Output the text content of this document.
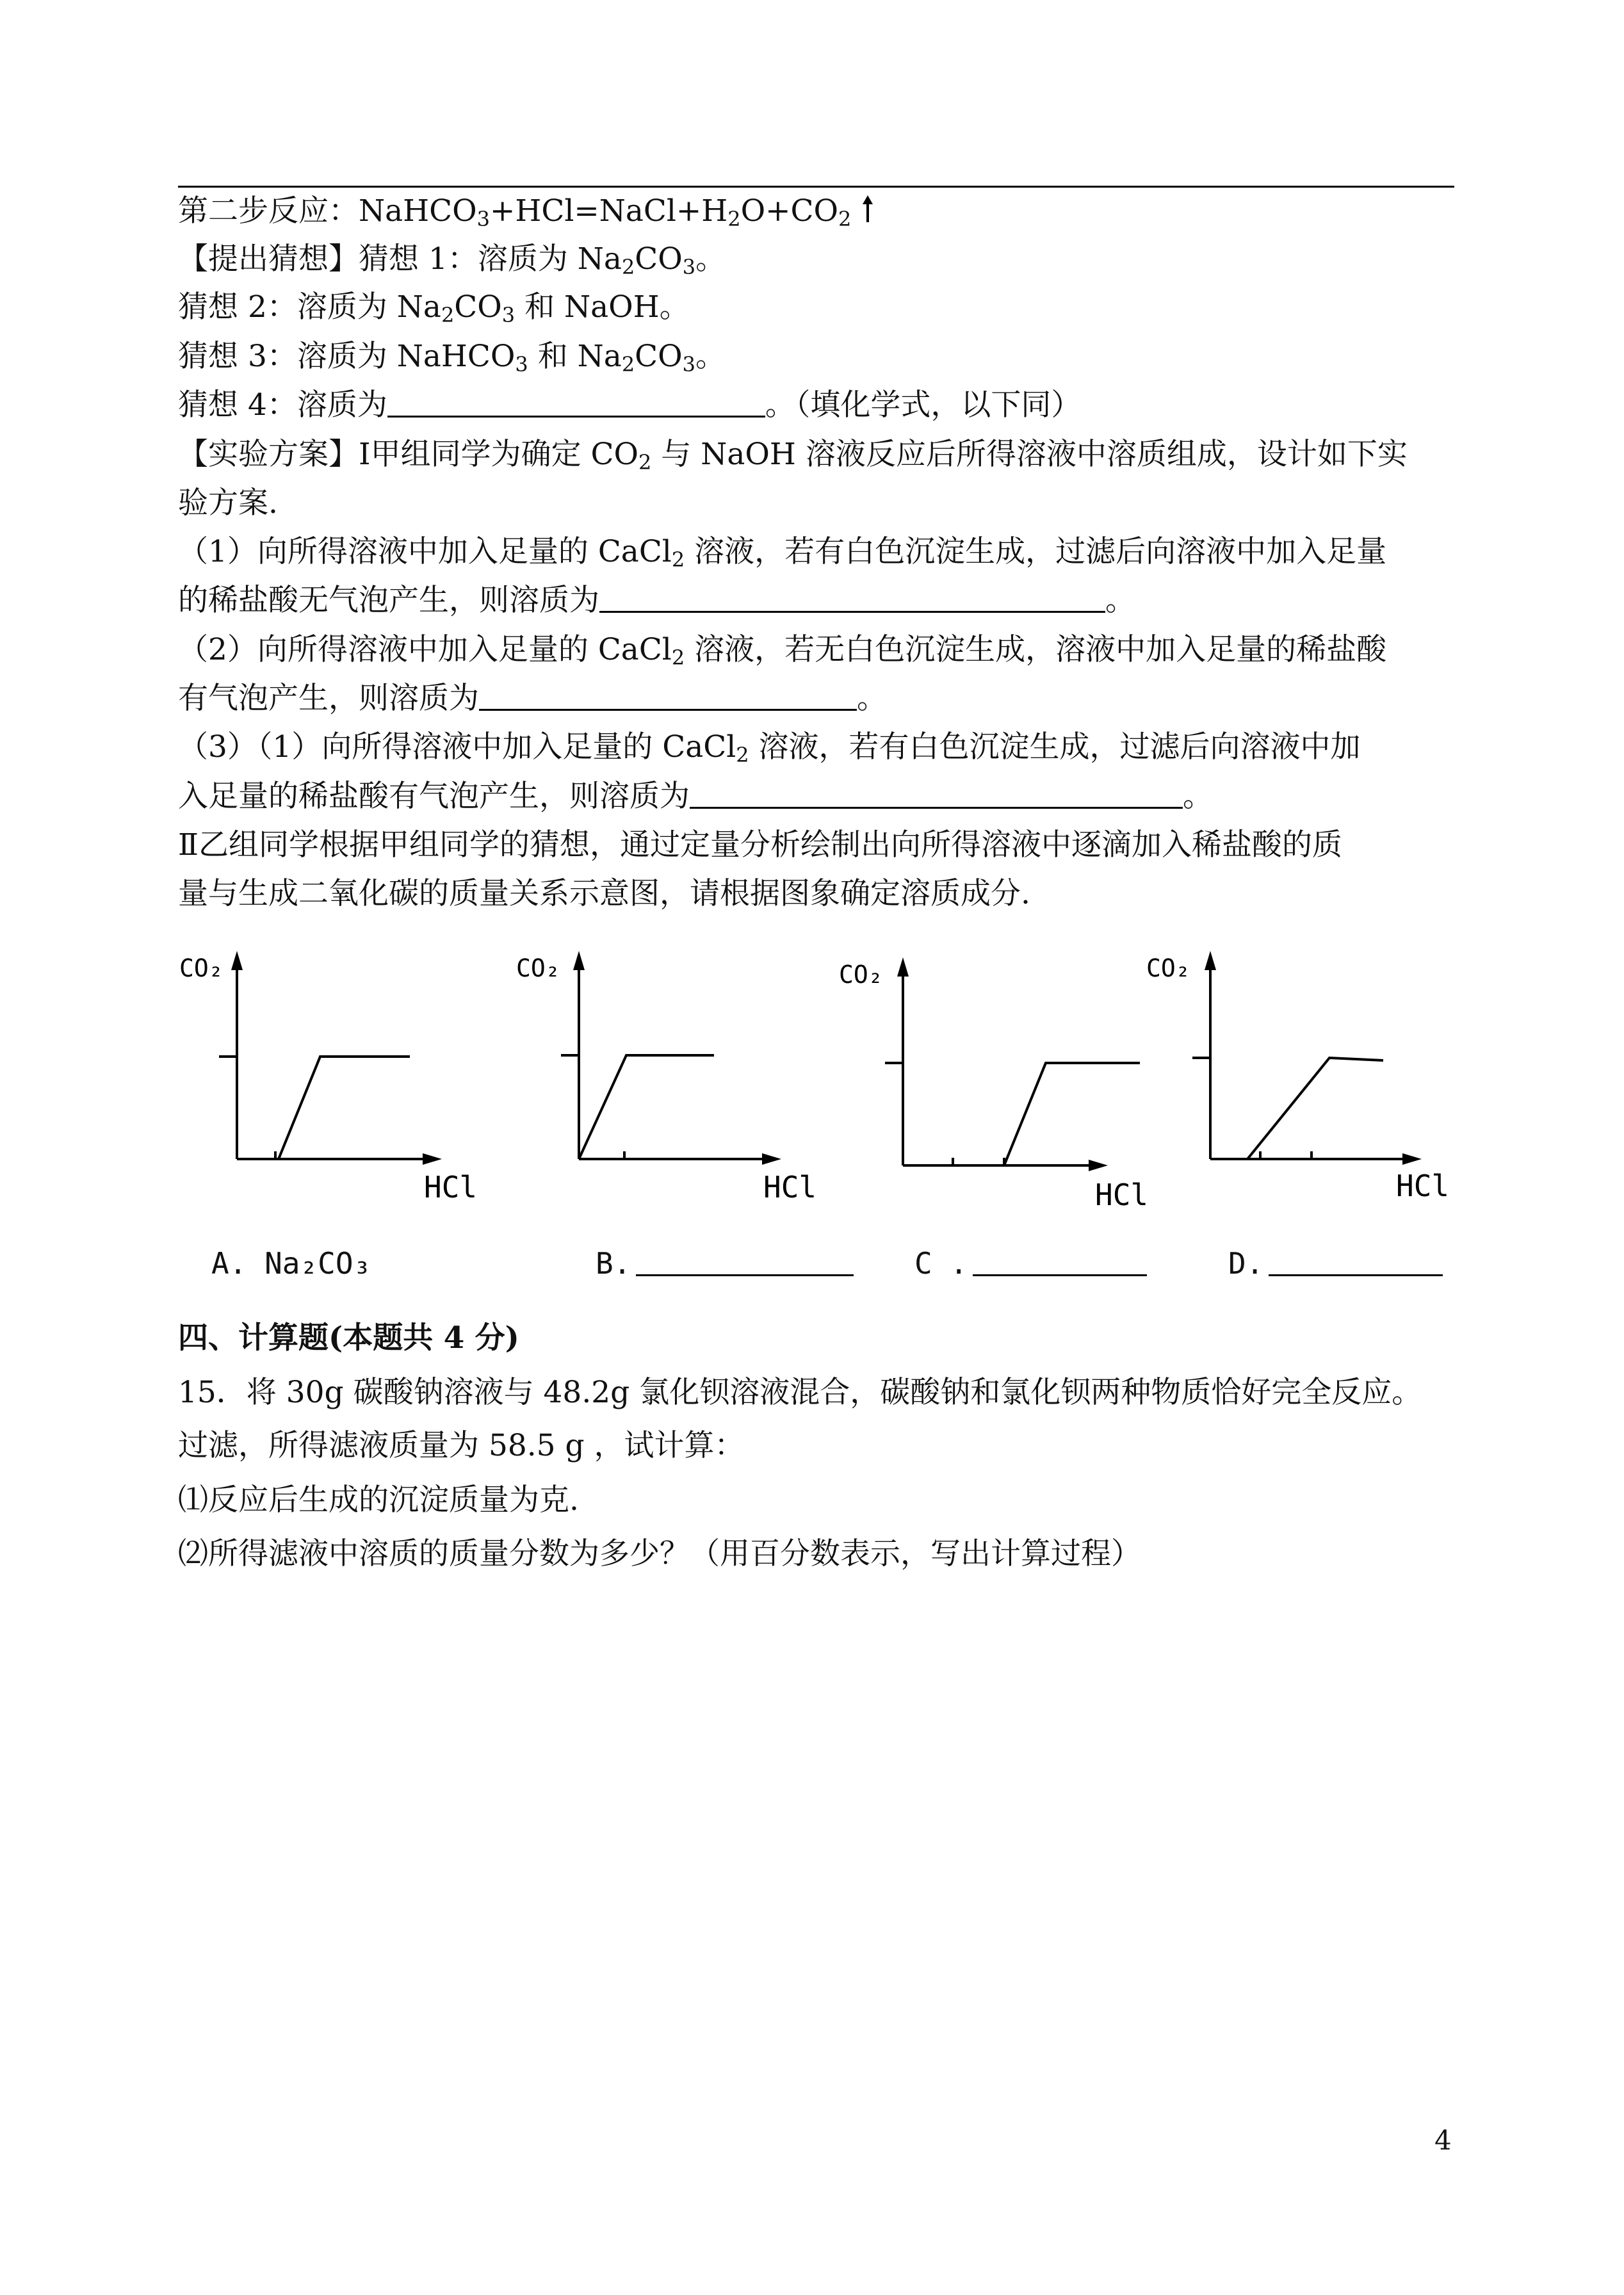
第二步反应：$NaHCO_3+HCl=NaCl+H_2O+CO_2$
【提出猜想】猜想 1：溶质为 $Na_2CO_3$。
猜想 2：溶质为 $Na_2CO_3$ 和 NaOH。
猜想 3：溶质为 NaHCO$_3$ 和 $Na_2CO_3$。
猜想 4：溶质为	。（填化学式，以下同）
【实验方案】Ⅰ甲组同学为确定 $CO_2$ 与 NaOH 溶液反应后所得溶液中溶质组成，设计如下实
验方案.
（1）向所得溶液中加入足量的 CaCl$_2$ 溶液，若有白色沉淀生成，过滤后向溶液中加入足量
的稀盐酸无气泡产生，则溶质为	。
（2）向所得溶液中加入足量的 CaCl$_2$ 溶液，若无白色沉淀生成，溶液中加入足量的稀盐酸
有气泡产生，则溶质为	。
（3）（1）向所得溶液中加入足量的 CaCl$_2$ 溶液，若有白色沉淀生成，过滤后向溶液中加
入足量的稀盐酸有气泡产生，则溶质为	。
Ⅱ乙组同学根据甲组同学的猜想，通过定量分析绘制出向所得溶液中逐滴加入稀盐酸的质
量与生成二氧化碳的质量关系示意图，请根据图象确定溶质成分.
CO₂
HCl
CO₂
HCl
CO₂
HCl
CO₂
HCl
A. Na₂CO₃	B.	C .	D.
四、计算题(本题共 4 分)
15．将 30g 碳酸钠溶液与 48.2g 氯化钡溶液混合，碳酸钠和氯化钡两种物质恰好完全反应。
过滤，所得滤液质量为 58.5 g ，试计算：
⑴反应后生成的沉淀质量为克.
⑵所得滤液中溶质的质量分数为多少？（用百分数表示，写出计算过程）
4
